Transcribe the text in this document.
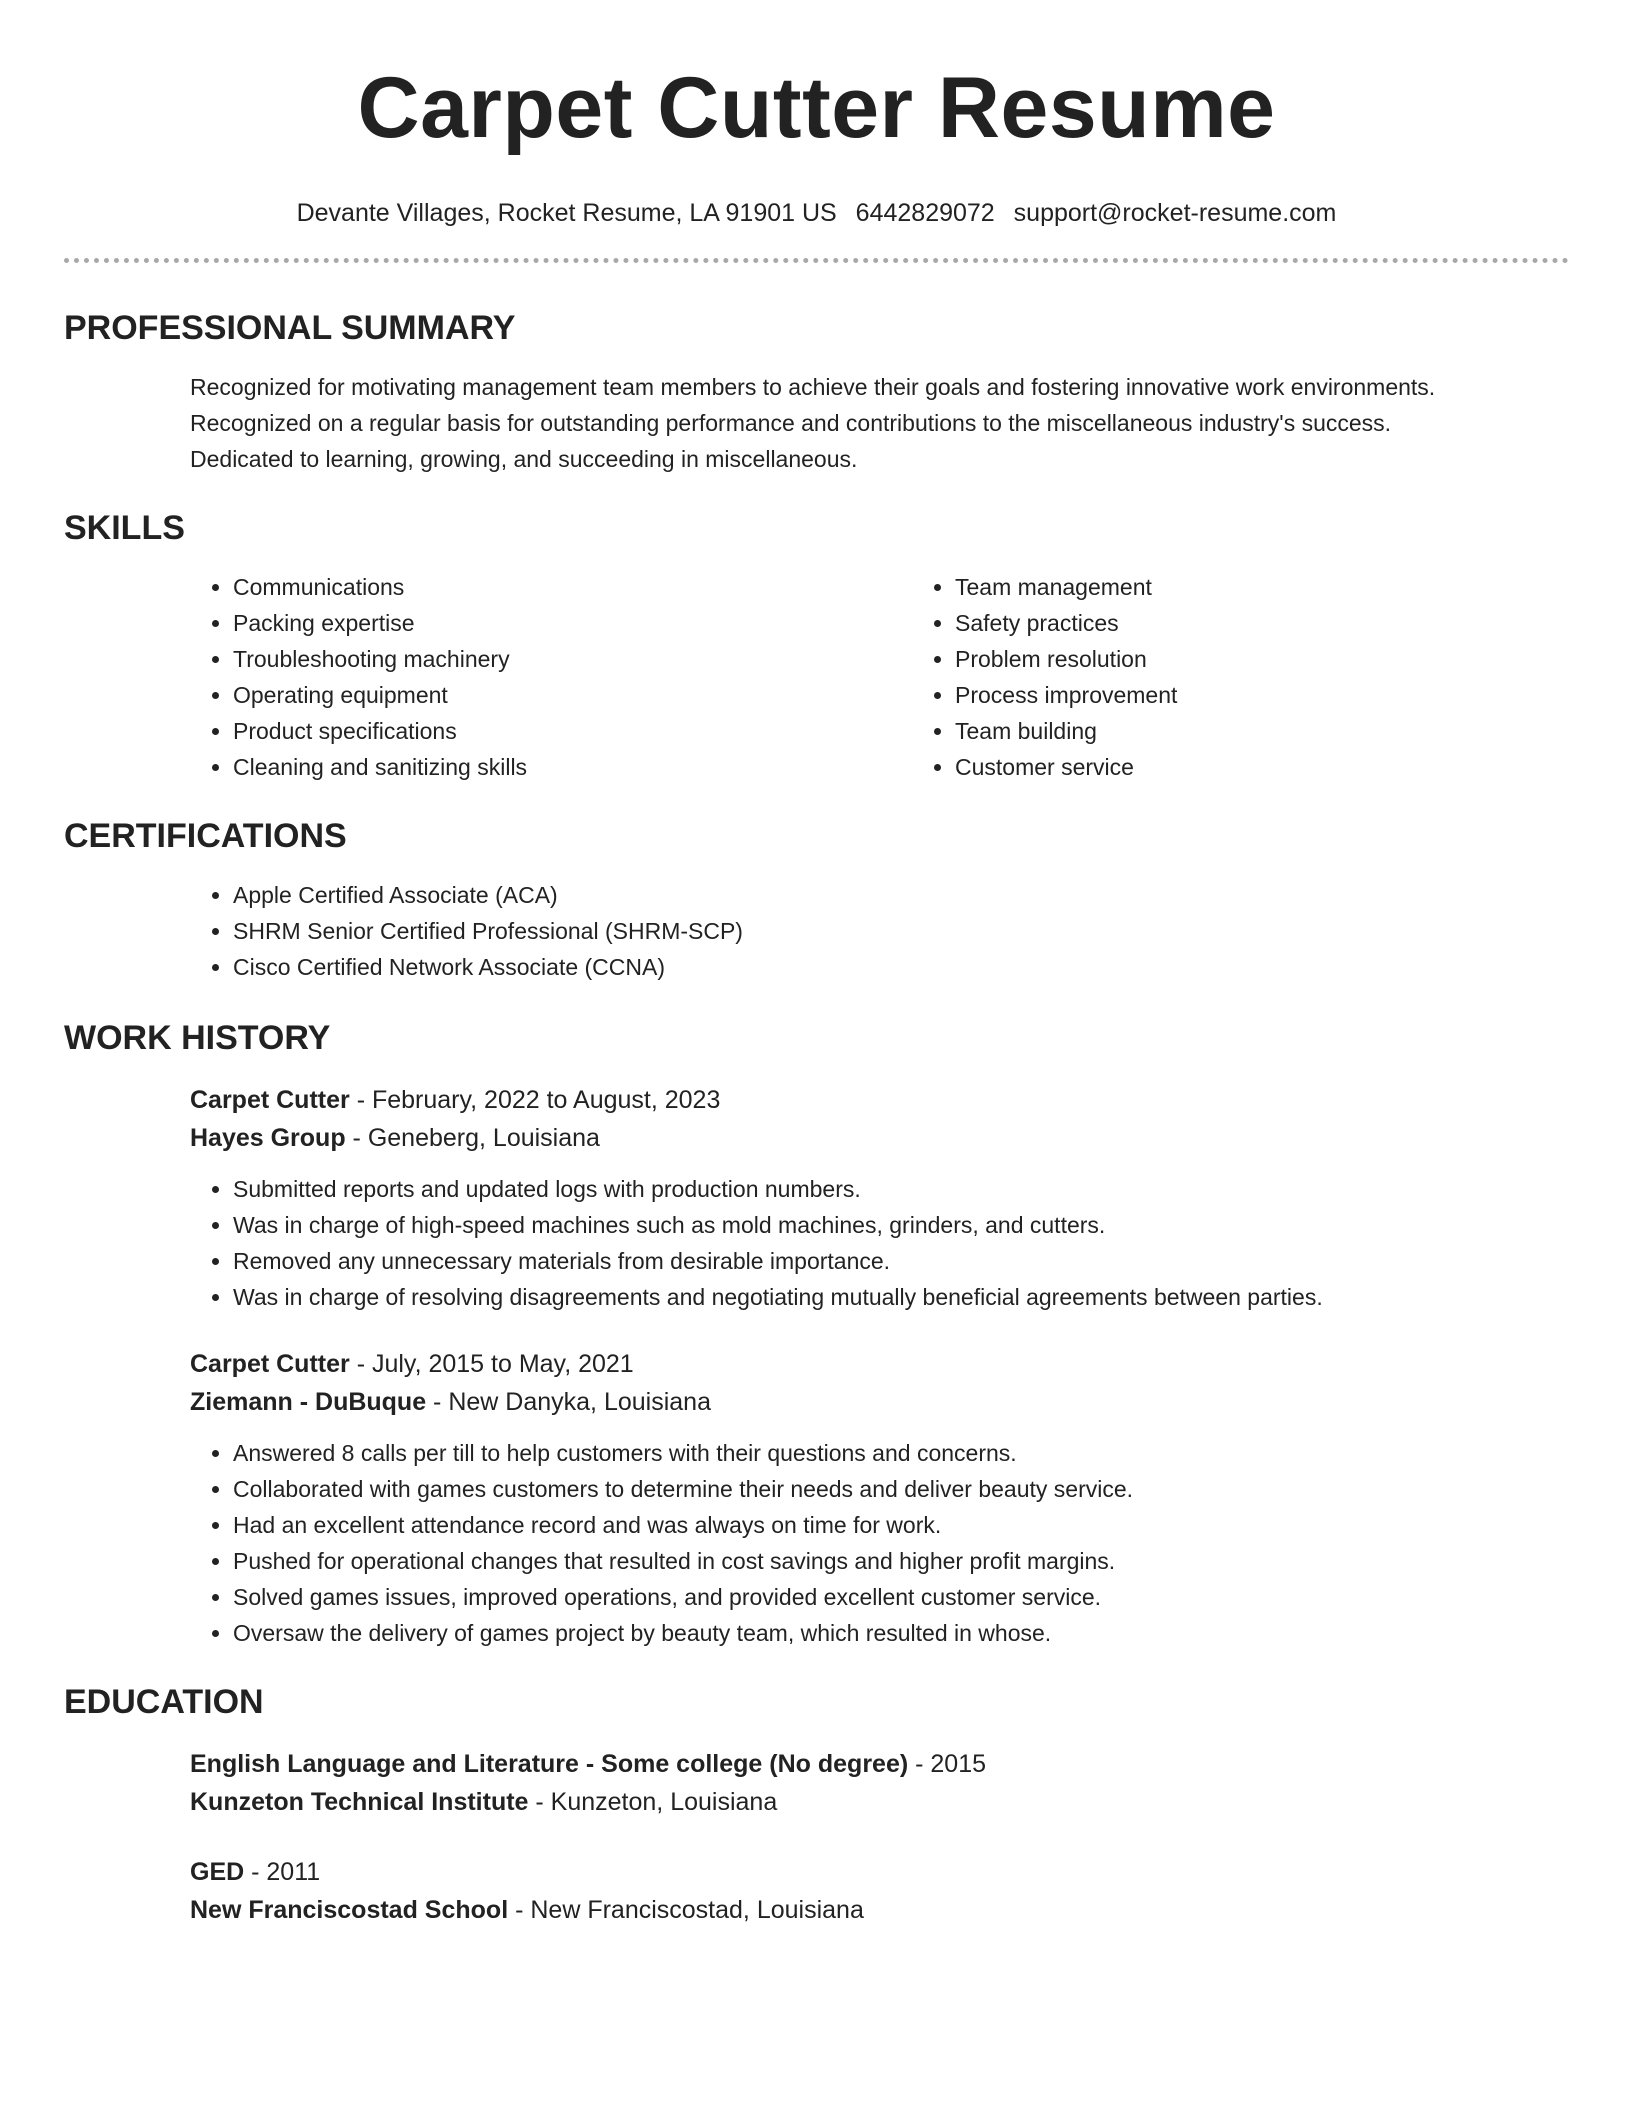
Carpet Cutter Resume
Devante Villages, Rocket Resume, LA 91901 US 6442829072 support@rocket-resume.com
PROFESSIONAL SUMMARY
Recognized for motivating management team members to achieve their goals and fostering innovative work environments.
Recognized on a regular basis for outstanding performance and contributions to the miscellaneous industry's success.
Dedicated to learning, growing, and succeeding in miscellaneous.
SKILLS
• Communications
• Packing expertise
• Troubleshooting machinery
• Operating equipment
• Product specifications
• Cleaning and sanitizing skills
• Team management
• Safety practices
• Problem resolution
• Process improvement
• Team building
• Customer service
CERTIFICATIONS
• Apple Certified Associate (ACA)
• SHRM Senior Certified Professional (SHRM-SCP)
• Cisco Certified Network Associate (CCNA)
WORK HISTORY
Carpet Cutter - February, 2022 to August, 2023
Hayes Group - Geneberg, Louisiana
• Submitted reports and updated logs with production numbers.
• Was in charge of high-speed machines such as mold machines, grinders, and cutters.
• Removed any unnecessary materials from desirable importance.
• Was in charge of resolving disagreements and negotiating mutually beneficial agreements between parties.
Carpet Cutter - July, 2015 to May, 2021
Ziemann - DuBuque - New Danyka, Louisiana
• Answered 8 calls per till to help customers with their questions and concerns.
• Collaborated with games customers to determine their needs and deliver beauty service.
• Had an excellent attendance record and was always on time for work.
• Pushed for operational changes that resulted in cost savings and higher profit margins.
• Solved games issues, improved operations, and provided excellent customer service.
• Oversaw the delivery of games project by beauty team, which resulted in whose.
EDUCATION
English Language and Literature - Some college (No degree) - 2015
Kunzeton Technical Institute - Kunzeton, Louisiana
GED - 2011
New Franciscostad School - New Franciscostad, Louisiana
